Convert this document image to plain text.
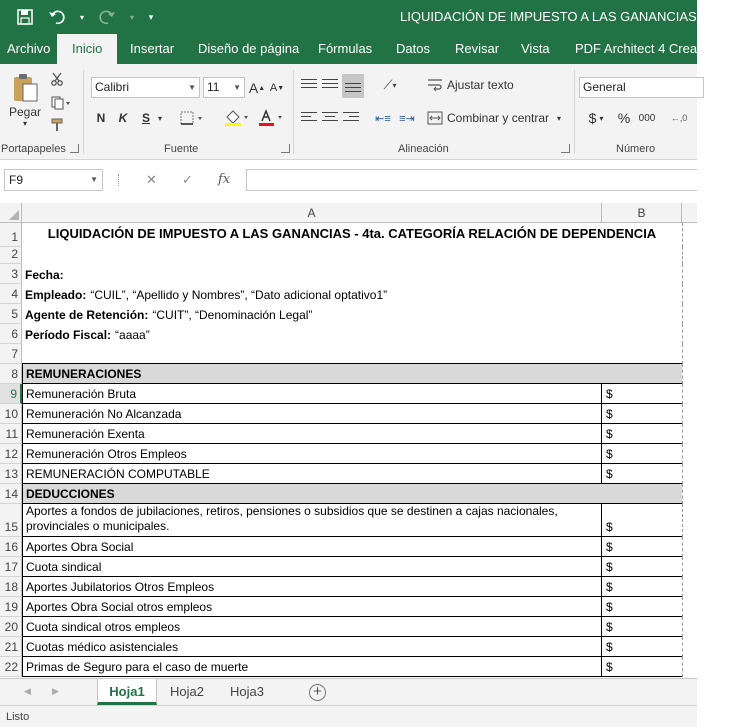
▾	▾	▾	LIQUIDACIÓN DE IMPUESTO A LAS GANANCIAS - 4ta. C
Archivo	Inicio	Insertar Diseño de página Fórmulas Datos Revisar Vista PDF Architect 4 Creator
Pegar
▾
Portapapeles
Calibri	▼ 11 ▼ A ▲ A ▼
N	K	S ▾
Fuente
⟋ ▾
⇤≡ ≡⇥
Ajustar texto
Combinar y centrar ▾
Alineación
General
$ ▾ % 000	←,0
Número
F9	▼	✕ ✓ fx
A	B
1	LIQUIDACIÓN DE IMPUESTO A LAS GANANCIAS - 4ta. CATEGORÍA RELACIÓN DE DEPENDENCIA
2
3 Fecha:
4 Empleado: “CUIL”, “Apellido y Nombres”, “Dato adicional optativo1”
5 Agente de Retención: “CUIT”, “Denominación Legal”
6 Período Fiscal: “aaaa”
7
8 REMUNERACIONES
9 Remuneración Bruta	$
10 Remuneración No Alcanzada	$
11 Remuneración Exenta	$
12 Remuneración Otros Empleos	$
13 REMUNERACIÓN COMPUTABLE	$
14 DEDUCCIONES
15
Aportes a fondos de jubilaciones, retiros, pensiones o subsidios que se destinen a cajas nacionales, provinciales o municipales.	$
16 Aportes Obra Social	$
17 Cuota sindical	$
18 Aportes Jubilatorios Otros Empleos	$
19 Aportes Obra Social otros empleos	$
20 Cuota sindical otros empleos	$
21 Cuotas médico asistenciales	$
22 Primas de Seguro para el caso de muerte	$
◀ ▶	Hoja1	Hoja2	Hoja3	+
Listo
